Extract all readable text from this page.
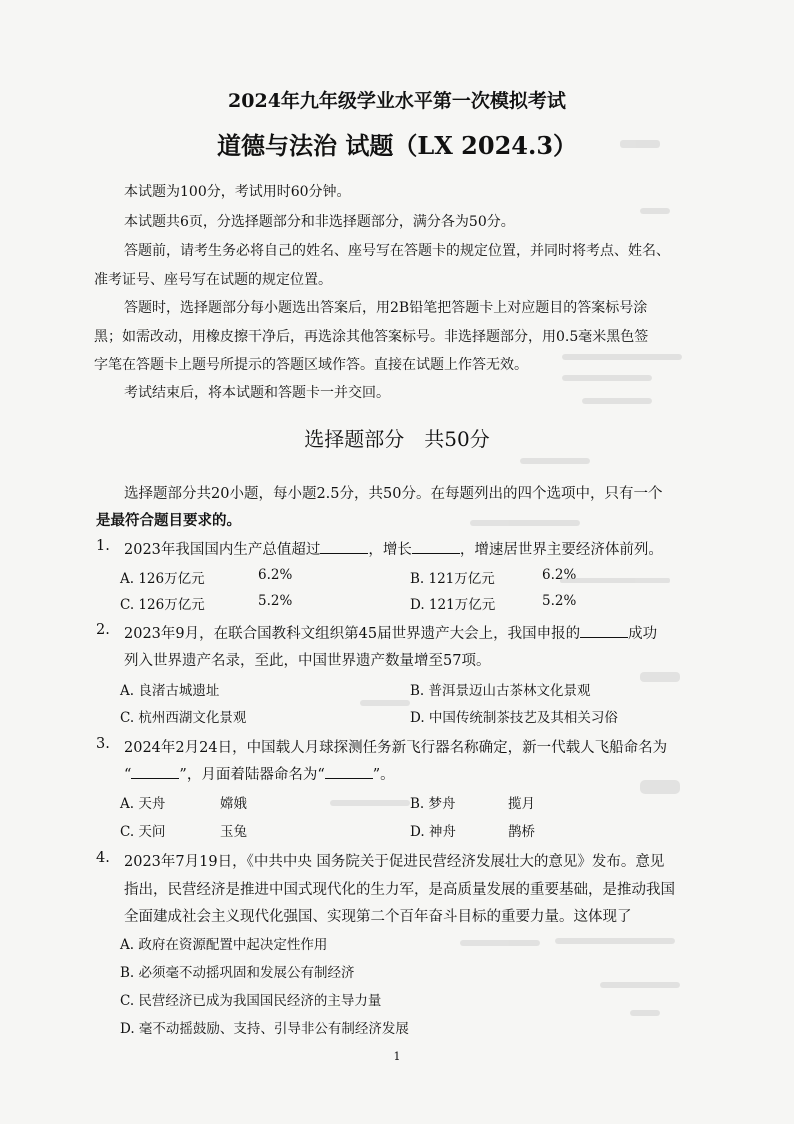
2024年九年级学业水平第一次模拟考试
道德与法治 试题（LX 2024.3）
本试题为100分，考试用时60分钟。
本试题共6页，分选择题部分和非选择题部分，满分各为50分。
答题前，请考生务必将自己的姓名、座号写在答题卡的规定位置，并同时将考点、姓名、
准考证号、座号写在试题的规定位置。
答题时，选择题部分每小题选出答案后，用2B铅笔把答题卡上对应题目的答案标号涂
黑；如需改动，用橡皮擦干净后，再选涂其他答案标号。非选择题部分，用0.5毫米黑色签
字笔在答题卡上题号所提示的答题区域作答。直接在试题上作答无效。
考试结束后，将本试题和答题卡一并交回。
选择题部分　共50分
选择题部分共20小题，每小题2.5分，共50分。在每题列出的四个选项中，只有一个
是最符合题目要求的。
1. 2023年我国国内生产总值超过	，增长	，增速居世界主要经济体前列。
A. 126万亿元	6.2%	B. 121万亿元	6.2%
C. 126万亿元	5.2%	D. 121万亿元	5.2%
2. 2023年9月，在联合国教科文组织第45届世界遗产大会上，我国申报的	成功
列入世界遗产名录，至此，中国世界遗产数量增至57项。
A. 良渚古城遗址	B. 普洱景迈山古茶林文化景观
C. 杭州西湖文化景观	D. 中国传统制茶技艺及其相关习俗
3. 2024年2月24日，中国载人月球探测任务新飞行器名称确定，新一代载人飞船命名为
“	”，月面着陆器命名为“	”。
A. 天舟	嫦娥	B. 梦舟	揽月
C. 天问	玉兔	D. 神舟	鹊桥
4. 2023年7月19日，《中共中央 国务院关于促进民营经济发展壮大的意见》发布。意见
指出，民营经济是推进中国式现代化的生力军，是高质量发展的重要基础，是推动我国
全面建成社会主义现代化强国、实现第二个百年奋斗目标的重要力量。这体现了
A. 政府在资源配置中起决定性作用
B. 必须毫不动摇巩固和发展公有制经济
C. 民营经济已成为我国国民经济的主导力量
D. 毫不动摇鼓励、支持、引导非公有制经济发展
1
